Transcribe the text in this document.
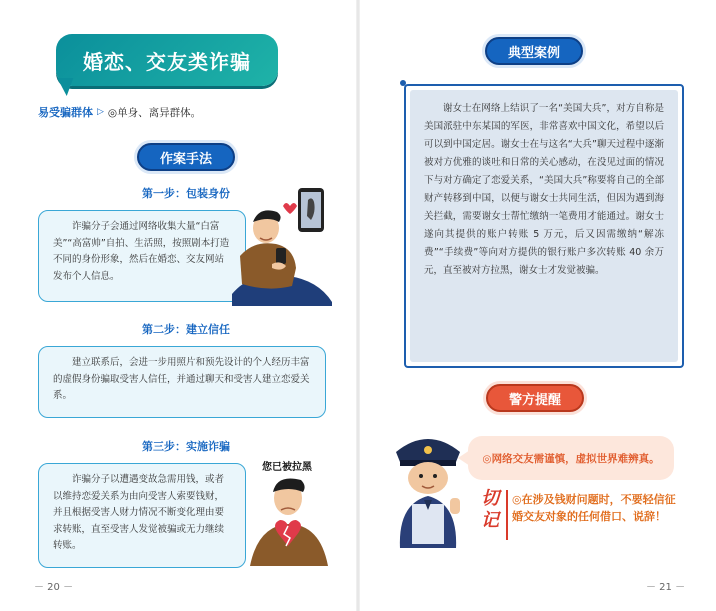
婚恋、交友类诈骗
易受骗群体 ▷ ◎单身、离异群体。
作案手法
第一步：包装身份

诈骗分子会通过网络收集大量“白富美”“高富帅”自拍、生活照，按照剧本打造不同的身份形象，然后在婚恋、交友网站发布个人信息。

第二步：建立信任

建立联系后，会进一步用照片和预先设计的个人经历丰富的虚假身份骗取受害人信任，并通过聊天和受害人建立恋爱关系。

第三步：实施诈骗

诈骗分子以遭遇变故急需用钱，或者以维持恋爱关系为由向受害人索要钱财，并且根据受害人财力情况不断变化理由要求转账，直至受害人发觉被骗或无力继续转账。

您已被拉黑
－ 20 －
典型案例

谢女士在网络上结识了一名“美国大兵”，对方自称是美国派驻中东某国的军医，非常喜欢中国文化，希望以后可以到中国定居。谢女士在与这名“大兵”聊天过程中逐渐被对方优雅的谈吐和日常的关心感动，在没见过面的情况下与对方确定了恋爱关系，“美国大兵”称要将自己的全部财产转移到中国，以便与谢女士共同生活，但因为遇到海关拦截，需要谢女士帮忙缴纳一笔费用才能通过。谢女士遂向其提供的账户转账 5 万元，后又因需缴纳“解冻费”“手续费”等向对方提供的银行账户多次转账 40 余万元，直至被对方拉黑，谢女士才发觉被骗。

警方提醒
◎网络交友需谨慎，虚拟世界难辨真。
切
记
◎在涉及钱财问题时，不要轻信征婚交友对象的任何借口、说辞！
－ 21 －
